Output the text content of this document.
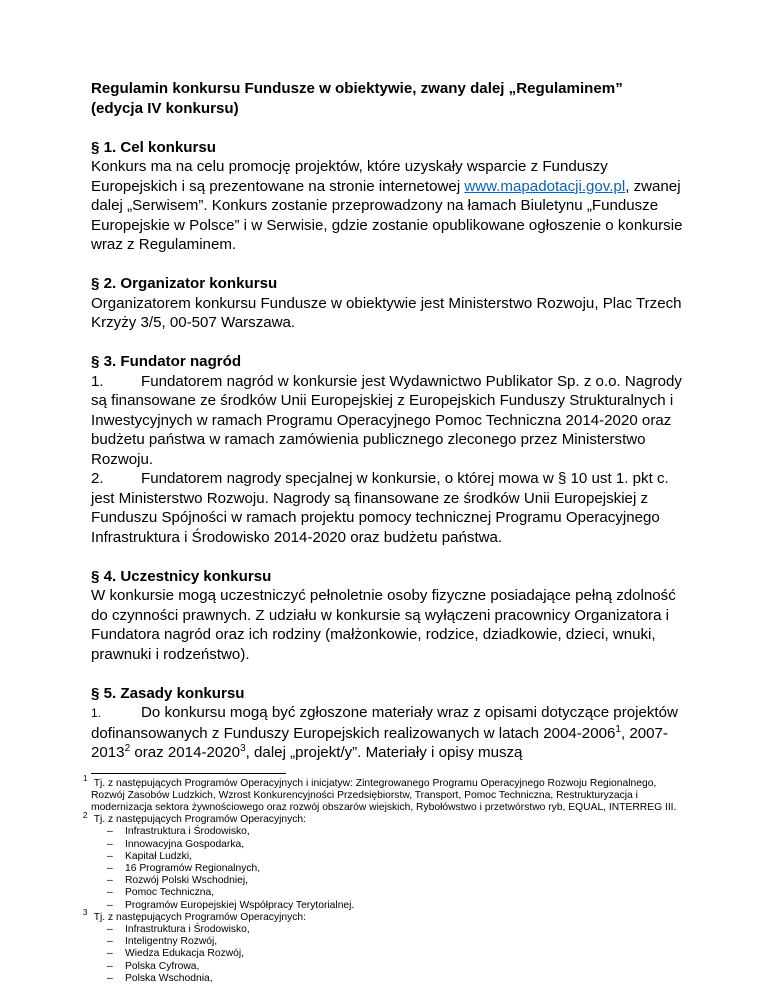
Regulamin konkursu Fundusze w obiektywie, zwany dalej „Regulaminem”
(edycja IV konkursu)
§ 1. Cel konkursu
Konkurs ma na celu promocję projektów, które uzyskały wsparcie z Funduszy Europejskich i są prezentowane na stronie internetowej www.mapadotacji.gov.pl, zwanej dalej „Serwisem”. Konkurs zostanie przeprowadzony na łamach Biuletynu „Fundusze Europejskie w Polsce” i w Serwisie, gdzie zostanie opublikowane ogłoszenie o konkursie wraz z Regulaminem.
§ 2. Organizator konkursu
Organizatorem konkursu Fundusze w obiektywie jest Ministerstwo Rozwoju, Plac Trzech Krzyży 3/5, 00-507 Warszawa.
§ 3. Fundator nagród
1. Fundatorem nagród w konkursie jest Wydawnictwo Publikator Sp. z o.o. Nagrody są finansowane ze środków Unii Europejskiej z Europejskich Funduszy Strukturalnych i Inwestycyjnych w ramach Programu Operacyjnego Pomoc Techniczna 2014-2020 oraz budżetu państwa w ramach zamówienia publicznego zleconego przez Ministerstwo Rozwoju.
2. Fundatorem nagrody specjalnej w konkursie, o której mowa w § 10 ust 1. pkt c. jest Ministerstwo Rozwoju. Nagrody są finansowane ze środków Unii Europejskiej z Funduszu Spójności w ramach projektu pomocy technicznej Programu Operacyjnego Infrastruktura i Środowisko 2014-2020 oraz budżetu państwa.
§ 4. Uczestnicy konkursu
W konkursie mogą uczestniczyć pełnoletnie osoby fizyczne posiadające pełną zdolność do czynności prawnych. Z udziału w konkursie są wyłączeni pracownicy Organizatora i Fundatora nagród oraz ich rodziny (małżonkowie, rodzice, dziadkowie, dzieci, wnuki, prawnuki i rodzeństwo).
§ 5. Zasady konkursu
1.	Do konkursu mogą być zgłoszone materiały wraz z opisami dotyczące projektów dofinansowanych z Funduszy Europejskich realizowanych w latach 2004-2006$^1$, 2007-2013$^2$ oraz 2014-2020$^3$, dalej „projekt/y”. Materiały i opisy muszą

1 Tj. z następujących Programów Operacyjnych i inicjatyw: Zintegrowanego Programu Operacyjnego Rozwoju Regionalnego, Rozwój Zasobów Ludzkich, Wzrost Konkurencyjności Przedsiębiorstw, Transport, Pomoc Techniczna, Restrukturyzacja i modernizacja sektora żywnościowego oraz rozwój obszarów wiejskich, Rybołówstwo i przetwórstwo ryb, EQUAL, INTERREG III.

2 Tj. z następujących Programów Operacyjnych:

– Infrastruktura i Środowisko,
– Innowacyjna Gospodarka,
– Kapitał Ludzki,
– 16 Programów Regionalnych,
– Rozwój Polski Wschodniej,
– Pomoc Techniczna,
– Programów Europejskiej Współpracy Terytorialnej.

3 Tj. z następujących Programów Operacyjnych:

– Infrastruktura i Środowisko,
– Inteligentny Rozwój,
– Wiedza Edukacja Rozwój,
– Polska Cyfrowa,
– Polska Wschodnia,
